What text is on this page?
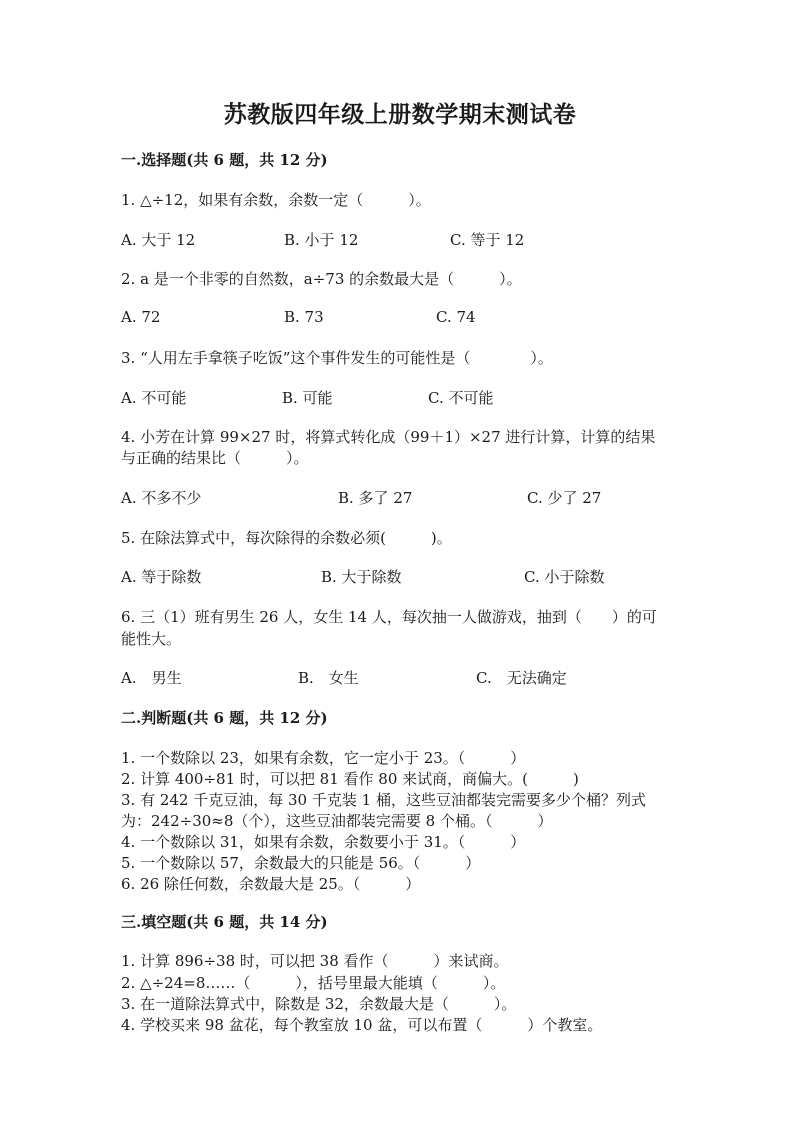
苏教版四年级上册数学期末测试卷
一.选择题(共 6 题，共 12 分)
1. △÷12，如果有余数，余数一定（　　　）。
A. 大于 12	B. 小于 12	C. 等于 12
2. a 是一个非零的自然数，a÷73 的余数最大是（　　　）。
A. 72	B. 73	C. 74
3. “人用左手拿筷子吃饭”这个事件发生的可能性是（　　　　）。
A. 不可能	B. 可能	C. 不可能
4. 小芳在计算 99×27 时，将算式转化成（99＋1）×27 进行计算，计算的结果
与正确的结果比（　　　）。
A. 不多不少	B. 多了 27	C. 少了 27
5. 在除法算式中，每次除得的余数必须(　　　)。
A. 等于除数	B. 大于除数	C. 小于除数
6. 三（1）班有男生 26 人，女生 14 人，每次抽一人做游戏，抽到（　　）的可
能性大。
A.　男生	B.　女生	C.　无法确定
二.判断题(共 6 题，共 12 分)
1. 一个数除以 23，如果有余数，它一定小于 23。（　　　）
2. 计算 400÷81 时，可以把 81 看作 80 来试商，商偏大。(　　　)
3. 有 242 千克豆油，每 30 千克装 1 桶，这些豆油都装完需要多少个桶？列式
为：242÷30≈8（个），这些豆油都装完需要 8 个桶。（　　　）
4. 一个数除以 31，如果有余数，余数要小于 31。（　　　）
5. 一个数除以 57，余数最大的只能是 56。（　　　）
6. 26 除任何数，余数最大是 25。（　　　）
三.填空题(共 6 题，共 14 分)
1. 计算 896÷38 时，可以把 38 看作（　　　）来试商。
2. △÷24=8……（　　　），括号里最大能填（　　　）。
3. 在一道除法算式中，除数是 32，余数最大是（　　　）。
4. 学校买来 98 盆花，每个教室放 10 盆，可以布置（　　　）个教室。
